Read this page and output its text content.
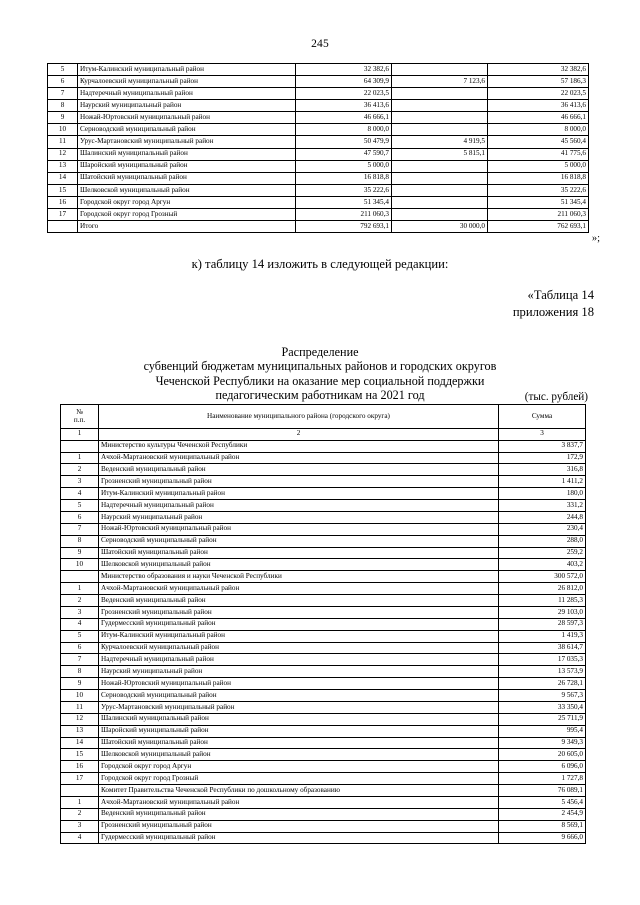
245
5	Итум-Калинский муниципальный район	32 382,6		32 382,6
6	Курчалоевский муниципальный район	64 309,9	7 123,6	57 186,3
7	Надтеречный муниципальный район	22 023,5		22 023,5
8	Наурский муниципальный район	36 413,6		36 413,6
9	Ножай-Юртовский муниципальный район	46 666,1		46 666,1
10	Серноводский муниципальный район	8 000,0		8 000,0
11	Урус-Мартановский муниципальный район	50 479,9	4 919,5	45 560,4
12	Шалинский муниципальный район	47 590,7	5 815,1	41 775,6
13	Шаройский муниципальный район	5 000,0		5 000,0
14	Шатойский муниципальный район	16 818,8		16 818,8
15	Шелковской муниципальный район	35 222,6		35 222,6
16	Городской округ город Аргун	51 345,4		51 345,4
17	Городской округ город Грозный	211 060,3		211 060,3
	Итого	792 693,1	30 000,0	762 693,1
»;
к) таблицу 14 изложить в следующей редакции:
«Таблица 14
приложения 18
Распределение
субвенций бюджетам муниципальных районов и городских округов
Чеченской Республики на оказание мер социальной поддержки
педагогическим работникам на 2021 год	(тыс. рублей)
№
п.п.	Наименование муниципального района (городского округа)	Сумма
1	2	3
	Министерство культуры Чеченской Республики	3 837,7
1	Ачхой-Мартановский муниципальный район	172,9
2	Веденский муниципальный район	316,8
3	Грозненский муниципальный район	1 411,2
4	Итум-Калинский муниципальный район	180,0
5	Надтеречный муниципальный район	331,2
6	Наурский муниципальный район	244,8
7	Ножай-Юртовский муниципальный район	230,4
8	Серноводский муниципальный район	288,0
9	Шатойский муниципальный район	259,2
10	Шелковской муниципальный район	403,2
	Министерство образования и науки Чеченской Республики	300 572,0
1	Ачхой-Мартановский муниципальный район	26 812,0
2	Веденский муниципальный район	11 285,3
3	Грозненский муниципальный район	29 103,0
4	Гудермесский муниципальный район	28 597,3
5	Итум-Калинский муниципальный район	1 419,3
6	Курчалоевский муниципальный район	38 614,7
7	Надтеречный муниципальный район	17 035,3
8	Наурский муниципальный район	13 573,9
9	Ножай-Юртовский муниципальный район	26 728,1
10	Серноводский муниципальный район	9 567,3
11	Урус-Мартановский муниципальный район	33 350,4
12	Шалинский муниципальный район	25 711,9
13	Шаройский муниципальный район	995,4
14	Шатойский муниципальный район	9 349,3
15	Шелковской муниципальный район	20 605,0
16	Городской округ город Аргун	6 096,0
17	Городской округ город Грозный	1 727,8
	Комитет Правительства Чеченской Республики по дошкольному образованию	76 089,1
1	Ачхой-Мартановский муниципальный район	5 456,4
2	Веденский муниципальный район	2 454,9
3	Грозненский муниципальный район	8 569,1
4	Гудермесский муниципальный район	9 666,0
